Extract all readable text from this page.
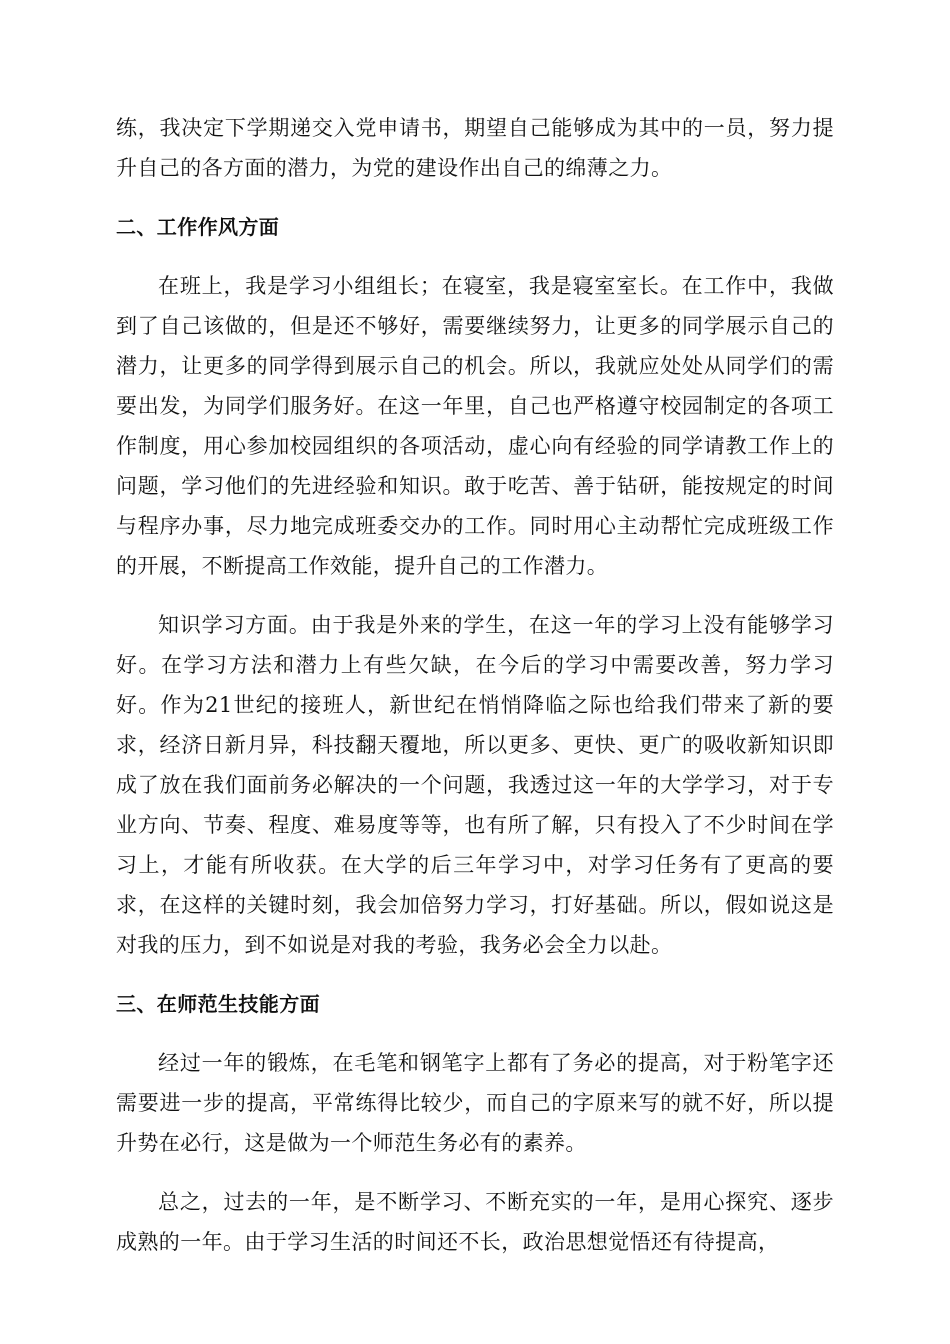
练，我决定下学期递交入党申请书，期望自己能够成为其中的一员，努力提升自己的各方面的潜力，为党的建设作出自己的绵薄之力。

二、工作作风方面

在班上，我是学习小组组长；在寝室，我是寝室室长。在工作中，我做到了自己该做的，但是还不够好，需要继续努力，让更多的同学展示自己的潜力，让更多的同学得到展示自己的机会。所以，我就应处处从同学们的需要出发，为同学们服务好。在这一年里，自己也严格遵守校园制定的各项工作制度，用心参加校园组织的各项活动，虚心向有经验的同学请教工作上的问题，学习他们的先进经验和知识。敢于吃苦、善于钻研，能按规定的时间与程序办事，尽力地完成班委交办的工作。同时用心主动帮忙完成班级工作的开展，不断提高工作效能，提升自己的工作潜力。

知识学习方面。由于我是外来的学生，在这一年的学习上没有能够学习好。在学习方法和潜力上有些欠缺，在今后的学习中需要改善，努力学习好。作为21世纪的接班人，新世纪在悄悄降临之际也给我们带来了新的要求，经济日新月异，科技翻天覆地，所以更多、更快、更广的吸收新知识即成了放在我们面前务必解决的一个问题，我透过这一年的大学学习，对于专业方向、节奏、程度、难易度等等，也有所了解，只有投入了不少时间在学习上，才能有所收获。在大学的后三年学习中，对学习任务有了更高的要求，在这样的关键时刻，我会加倍努力学习，打好基础。所以，假如说这是对我的压力，到不如说是对我的考验，我务必会全力以赴。

三、在师范生技能方面

经过一年的锻炼，在毛笔和钢笔字上都有了务必的提高，对于粉笔字还需要进一步的提高，平常练得比较少，而自己的字原来写的就不好，所以提升势在必行，这是做为一个师范生务必有的素养。

总之，过去的一年，是不断学习、不断充实的一年，是用心探究、逐步成熟的一年。由于学习生活的时间还不长，政治思想觉悟还有待提高，
